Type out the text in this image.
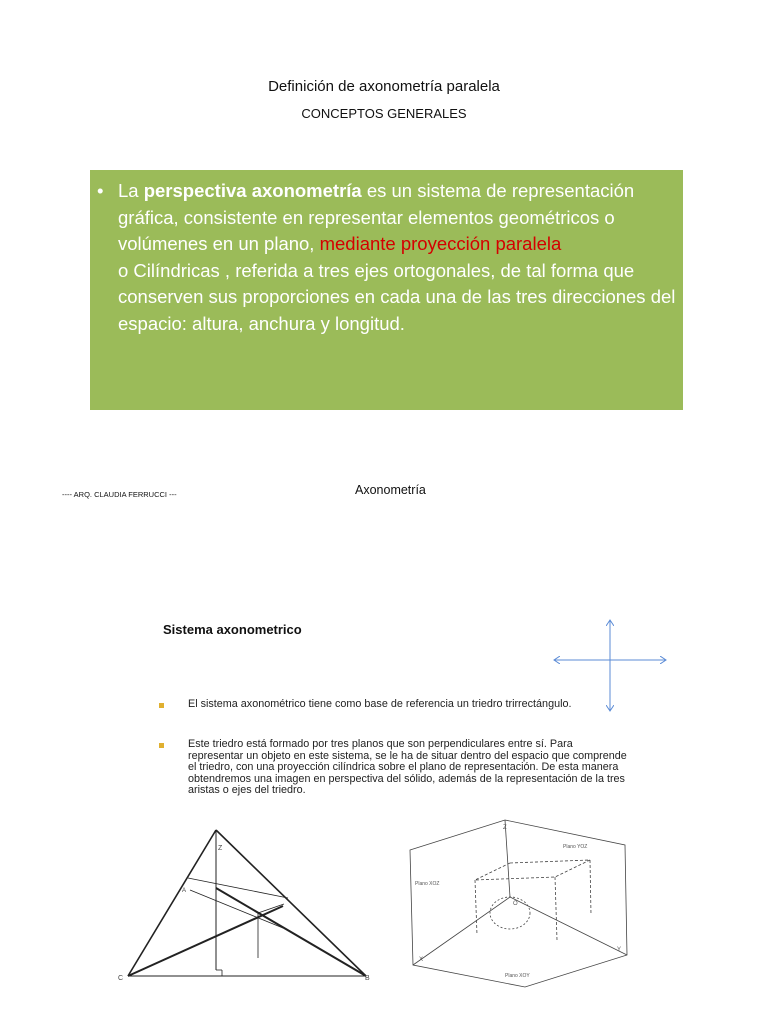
Definición de axonometría paralela
CONCEPTOS GENERALES
• La perspectiva axonometría es un sistema de representación gráfica, consistente en representar elementos geométricos o volúmenes en un plano, mediante proyección paralela
o Cilíndricas , referida a tres ejes ortogonales, de tal forma que conserven sus proporciones en cada una de las tres direcciones del espacio: altura, anchura y longitud.
---- ARQ. CLAUDIA FERRUCCI ---	Axonometría
Sistema axonometrico
El sistema axonométrico tiene como base de referencia un triedro trirrectángulo.
Este triedro está formado por tres planos que son perpendiculares entre sí. Para representar un objeto en este sistema, se le ha de situar dentro del espacio que comprende el triedro, con una proyección cilíndrica sobre el plano de representación. De esta manera obtendremos una imagen en perspectiva del sólido, además de la representación de la tres aristas o ejes del triedro.
C	B
Z
A
Z
Plano XOZ
Plano YOZ
Plano XOY
O
X
Y
